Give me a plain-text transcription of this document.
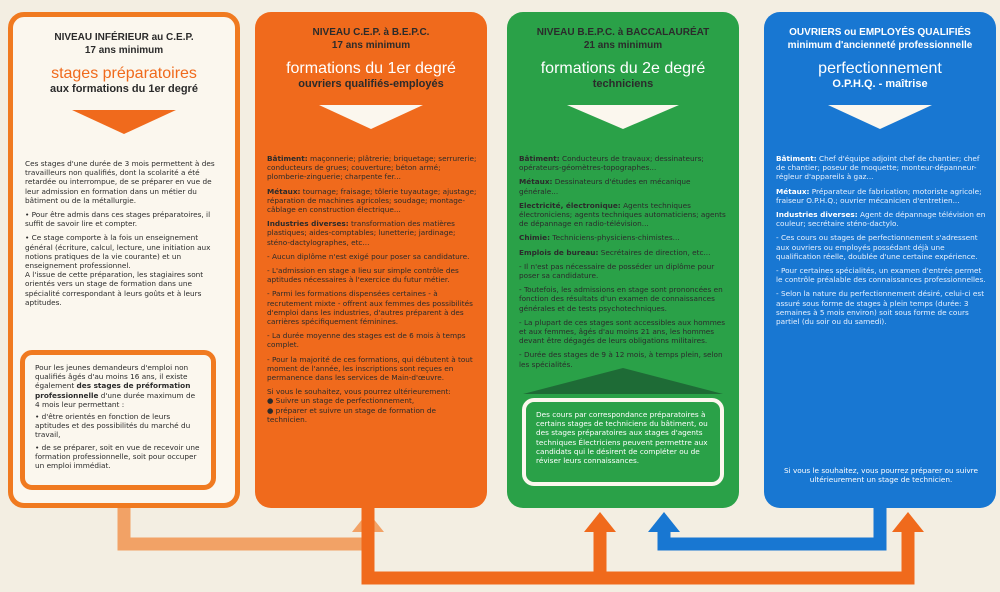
NIVEAU INFÉRIEUR au C.E.P.
17 ans minimum
stages préparatoires
aux formations du 1er degré

Ces stages d'une durée de 3 mois permettent à des travailleurs non qualifiés, dont la scolarité a été retardée ou interrompue, de se préparer en vue de leur admission en formation dans un métier du bâtiment ou de la métallurgie.

• Pour être admis dans ces stages préparatoires, il suffit de savoir lire et compter.

• Ce stage comporte à la fois un enseignement général (écriture, calcul, lecture, une initiation aux notions pratiques de la vie courante) et un enseignement professionnel.

A l'issue de cette préparation, les stagiaires sont orientés vers un stage de formation dans une spécialité correspondant à leurs goûts et à leurs aptitudes.

Pour les jeunes demandeurs d'emploi non qualifiés âgés d'au moins 16 ans, il existe également des stages de préformation professionnelle d'une durée maximum de 4 mois leur permettant :
• d'être orientés en fonction de leurs aptitudes et des possibilités du marché du travail,
• de se préparer, soit en vue de recevoir une formation professionnelle, soit pour occuper un emploi immédiat.
NIVEAU C.E.P. à B.E.P.C.
17 ans minimum
formations du 1er degré
ouvriers qualifiés-employés

Bâtiment: maçonnerie; plâtrerie; briquetage; serrurerie; conducteurs de grues; couverture; béton armé; plomberie-zinguerie; charpente fer...

Métaux: tournage; fraisage; tôlerie tuyautage; ajustage; réparation de machines agricoles; soudage; montage-câblage en construction électrique...

Industries diverses: transformation des matières plastiques; aides-comptables; lunetterie; jardinage; sténo-dactylographes, etc...

- Aucun diplôme n'est exigé pour poser sa candidature.

- L'admission en stage a lieu sur simple contrôle des aptitudes nécessaires à l'exercice du futur métier.

- Parmi les formations dispensées certaines - à recrutement mixte - offrent aux femmes des possibilités d'emploi dans les industries, d'autres préparent à des carrières spécifiquement féminines.

- La durée moyenne des stages est de 6 mois à temps complet.

- Pour la majorité de ces formations, qui débutent à tout moment de l'année, les inscriptions sont reçues en permanence dans les services de Main-d'œuvre.

Si vous le souhaitez, vous pourrez ultérieurement:
● Suivre un stage de perfectionnement,
● préparer et suivre un stage de formation de technicien.
NIVEAU B.E.P.C. à BACCALAURÉAT
21 ans minimum
formations du 2e degré
techniciens

Bâtiment: Conducteurs de travaux; dessinateurs; opérateurs-géomètres-topographes...

Métaux: Dessinateurs d'études en mécanique générale...

Electricité, électronique: Agents techniques électroniciens; agents techniques automaticiens; agents de dépannage en radio-télévision...

Chimie: Techniciens-physiciens-chimistes...

Emplois de bureau: Secrétaires de direction, etc...

- Il n'est pas nécessaire de posséder un diplôme pour poser sa candidature.

- Toutefois, les admissions en stage sont prononcées en fonction des résultats d'un examen de connaissances générales et de tests psychotechniques.

- La plupart de ces stages sont accessibles aux hommes et aux femmes, âgés d'au moins 21 ans, les hommes devant être dégagés de leurs obligations militaires.

- Durée des stages de 9 à 12 mois, à temps plein, selon les spécialités.

Des cours par correspondance préparatoires à certains stages de techniciens du bâtiment, ou des stages préparatoires aux stages d'agents techniques Électriciens peuvent permettre aux candidats qui le désirent de compléter ou de réviser leurs connaissances.
OUVRIERS ou EMPLOYÉS QUALIFIÉS
minimum d'ancienneté professionnelle
perfectionnement
O.P.H.Q. - maîtrise

Bâtiment: Chef d'équipe adjoint chef de chantier; chef de chantier; poseur de moquette; monteur-dépanneur-régleur d'appareils à gaz...

Métaux: Préparateur de fabrication; motoriste agricole; fraiseur O.P.H.Q.; ouvrier mécanicien d'entretien...

Industries diverses: Agent de dépannage télévision en couleur; secrétaire sténo-dactylo.

- Ces cours ou stages de perfectionnement s'adressent aux ouvriers ou employés possédant déjà une qualification réelle, doublée d'une certaine expérience.

- Pour certaines spécialités, un examen d'entrée permet le contrôle préalable des connaissances professionnelles.

- Selon la nature du perfectionnement désiré, celui-ci est assuré sous forme de stages à plein temps (durée: 3 semaines à 5 mois environ) soit sous forme de cours partiel (du soir ou du samedi).

Si vous le souhaitez, vous pourrez préparer ou suivre ultérieurement un stage de technicien.
